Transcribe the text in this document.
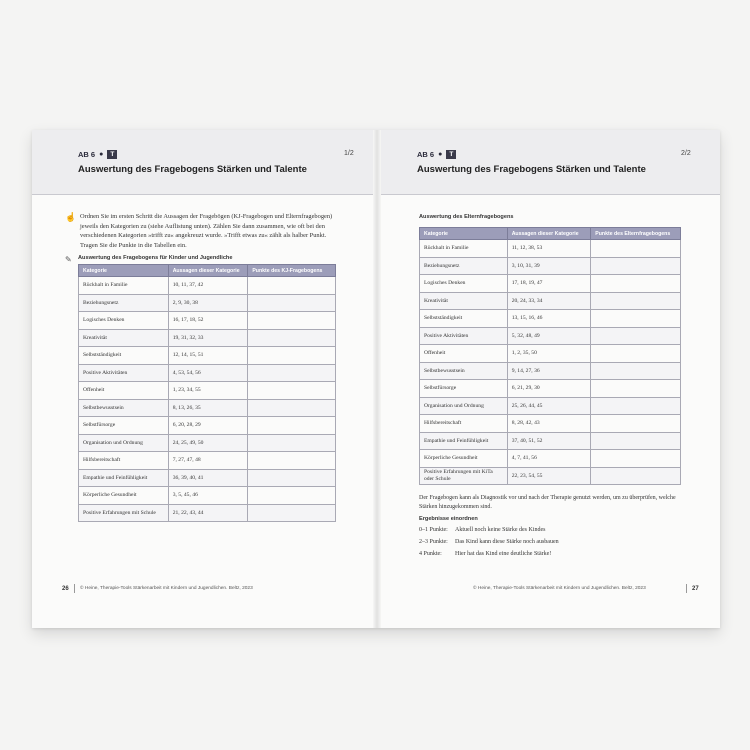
AB 6 ●	T	1/2
Auswertung des Fragebogens Stärken und Talente
☝ Ordnen Sie im ersten Schritt die Aussagen der Fragebögen (KJ-Fragebogen und Elternfragebogen) jeweils den Kategorien zu (siehe Auflistung unten). Zählen Sie dann zusammen, wie oft bei den verschiedenen Kategorien »trifft zu« angekreuzt wurde. »Trifft etwas zu« zählt als halber Punkt. Tragen Sie die Punkte in die Tabellen ein.
✎ Auswertung des Fragebogens für Kinder und Jugendliche
Kategorie	Aussagen dieser Kategorie	Punkte des KJ-Fragebogens
Rückhalt in Familie	10, 11, 37, 42	
Beziehungsnetz	2, 9, 30, 38	
Logisches Denken	16, 17, 18, 52	
Kreativität	19, 31, 32, 33	
Selbstständigkeit	12, 14, 15, 51	
Positive Aktivitäten	4, 53, 54, 56	
Offenheit	1, 23, 34, 55	
Selbstbewusstsein	8, 13, 26, 35	
Selbstfürsorge	6, 20, 28, 29	
Organisation und Ordnung	24, 25, 49, 50	
Hilfsbereitschaft	7, 27, 47, 48	
Empathie und Feinfühligkeit	36, 39, 40, 41	
Körperliche Gesundheit	3, 5, 45, 46	
Positive Erfahrungen mit Schule	21, 22, 43, 44	
26 © Heine, Therapie-Tools Stärkenarbeit mit Kindern und Jugendlichen. Beltz, 2023
AB 6 ●	T	2/2
Auswertung des Fragebogens Stärken und Talente
Auswertung des Elternfragebogens
Kategorie	Aussagen dieser Kategorie	Punkte des Elternfragebogens
Rückhalt in Familie	11, 12, 38, 53	
Beziehungsnetz	3, 10, 31, 39	
Logisches Denken	17, 18, 19, 47	
Kreativität	20, 24, 33, 34	
Selbstständigkeit	13, 15, 16, 46	
Positive Aktivitäten	5, 32, 48, 49	
Offenheit	1, 2, 35, 50	
Selbstbewusstsein	9, 14, 27, 36	
Selbstfürsorge	6, 21, 29, 30	
Organisation und Ordnung	25, 26, 44, 45	
Hilfsbereitschaft	8, 28, 42, 43	
Empathie und Feinfühligkeit	37, 40, 51, 52	
Körperliche Gesundheit	4, 7, 41, 56	
Positive Erfahrungen mit KiTa oder Schule	22, 23, 54, 55	
Der Fragebogen kann als Diagnostik vor und nach der Therapie genutzt werden, um zu überprüfen, welche Stärken hinzugekommen sind.
Ergebnisse einordnen
0–1 Punkte: Aktuell noch keine Stärke des Kindes
2–3 Punkte: Das Kind kann diese Stärke noch ausbauen
4 Punkte: Hier hat das Kind eine deutliche Stärke!
© Heine, Therapie-Tools Stärkenarbeit mit Kindern und Jugendlichen. Beltz, 2023	27
